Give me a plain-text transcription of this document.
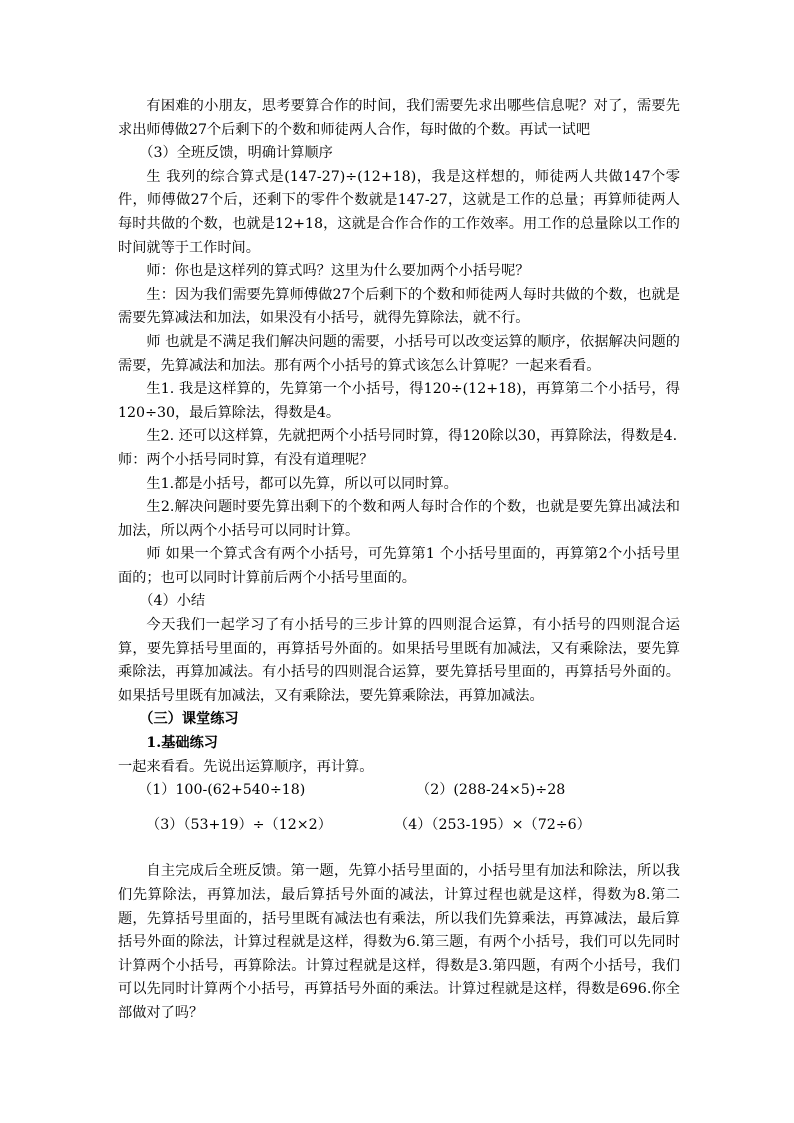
有困难的小朋友，思考要算合作的时间，我们需要先求出哪些信息呢？对了，需要先求出师傅做27个后剩下的个数和师徒两人合作，每时做的个数。再试一试吧

（3）全班反馈，明确计算顺序

生 我列的综合算式是(147-27)÷(12+18)，我是这样想的，师徒两人共做147个零件，师傅做27个后，还剩下的零件个数就是147-27，这就是工作的总量；再算师徒两人每时共做的个数，也就是12+18，这就是合作合作的工作效率。用工作的总量除以工作的时间就等于工作时间。

师：你也是这样列的算式吗？这里为什么要加两个小括号呢？

生：因为我们需要先算师傅做27个后剩下的个数和师徒两人每时共做的个数，也就是需要先算减法和加法，如果没有小括号，就得先算除法，就不行。

师 也就是不满足我们解决问题的需要，小括号可以改变运算的顺序，依据解决问题的需要，先算减法和加法。那有两个小括号的算式该怎么计算呢？一起来看看。

生1. 我是这样算的，先算第一个小括号，得120÷(12+18)，再算第二个小括号，得120÷30，最后算除法，得数是4。

生2. 还可以这样算，先就把两个小括号同时算，得120除以30，再算除法，得数是4.

师：两个小括号同时算，有没有道理呢？

生1.都是小括号，都可以先算，所以可以同时算。

生2.解决问题时要先算出剩下的个数和两人每时合作的个数，也就是要先算出减法和加法，所以两个小括号可以同时计算。

师 如果一个算式含有两个小括号，可先算第1 个小括号里面的，再算第2个小括号里面的；也可以同时计算前后两个小括号里面的。

（4）小结

今天我们一起学习了有小括号的三步计算的四则混合运算，有小括号的四则混合运算，要先算括号里面的，再算括号外面的。如果括号里既有加减法，又有乘除法，要先算乘除法，再算加减法。有小括号的四则混合运算，要先算括号里面的，再算括号外面的。如果括号里既有加减法，又有乘除法，要先算乘除法，再算加减法。

（三）课堂练习

1.基础练习

一起来看看。先说出运算顺序，再计算。

（1）100-(62+540÷18)	（2）(288-24×5)÷28
（3）（53+19）÷（12×2）	（4）（253-195）×（72÷6）

自主完成后全班反馈。第一题，先算小括号里面的，小括号里有加法和除法，所以我们先算除法，再算加法，最后算括号外面的减法，计算过程也就是这样，得数为8.第二题，先算括号里面的，括号里既有减法也有乘法，所以我们先算乘法，再算减法，最后算括号外面的除法，计算过程就是这样，得数为6.第三题，有两个小括号，我们可以先同时计算两个小括号，再算除法。计算过程就是这样，得数是3.第四题，有两个小括号，我们可以先同时计算两个小括号，再算括号外面的乘法。计算过程就是这样，得数是696.你全部做对了吗？
